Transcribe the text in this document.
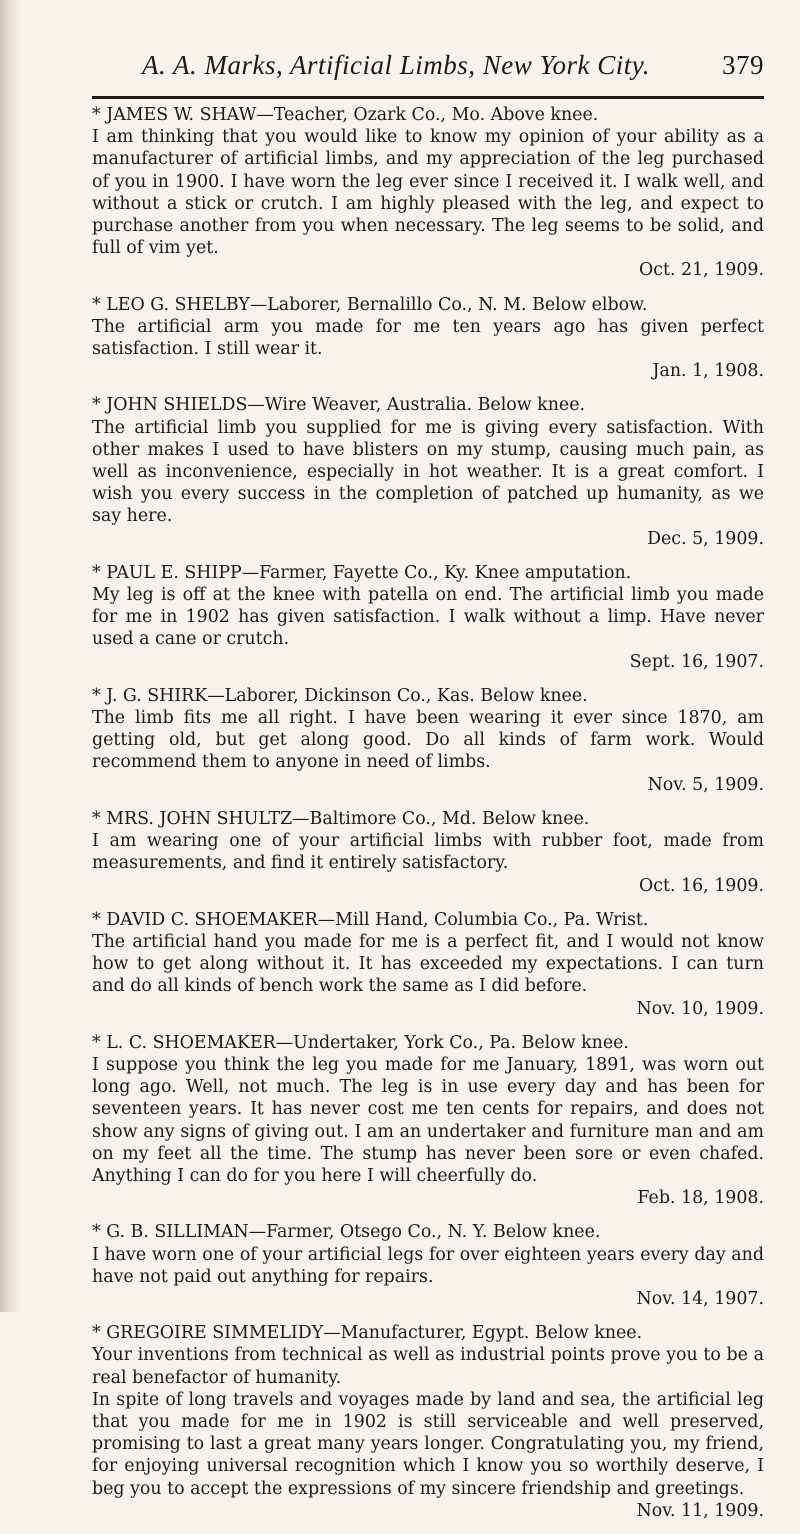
A. A. Marks, Artificial Limbs, New York City.	379

* JAMES W. SHAW—Teacher, Ozark Co., Mo. Above knee.

I am thinking that you would like to know my opinion of your ability as a manufacturer of artificial limbs, and my appreciation of the leg purchased of you in 1900. I have worn the leg ever since I received it. I walk well, and without a stick or crutch. I am highly pleased with the leg, and expect to purchase another from you when necessary. The leg seems to be solid, and full of vim yet.

Oct. 21, 1909.

* LEO G. SHELBY—Laborer, Bernalillo Co., N. M. Below elbow.

The artificial arm you made for me ten years ago has given perfect satisfaction. I still wear it.

Jan. 1, 1908.

* JOHN SHIELDS—Wire Weaver, Australia. Below knee.

The artificial limb you supplied for me is giving every satisfaction. With other makes I used to have blisters on my stump, causing much pain, as well as inconvenience, especially in hot weather. It is a great comfort. I wish you every success in the completion of patched up humanity, as we say here.

Dec. 5, 1909.

* PAUL E. SHIPP—Farmer, Fayette Co., Ky. Knee amputation.

My leg is off at the knee with patella on end. The artificial limb you made for me in 1902 has given satisfaction. I walk without a limp. Have never used a cane or crutch.

Sept. 16, 1907.

* J. G. SHIRK—Laborer, Dickinson Co., Kas. Below knee.

The limb fits me all right. I have been wearing it ever since 1870, am getting old, but get along good. Do all kinds of farm work. Would recommend them to anyone in need of limbs.

Nov. 5, 1909.

* MRS. JOHN SHULTZ—Baltimore Co., Md. Below knee.

I am wearing one of your artificial limbs with rubber foot, made from measurements, and find it entirely satisfactory.

Oct. 16, 1909.

* DAVID C. SHOEMAKER—Mill Hand, Columbia Co., Pa. Wrist.

The artificial hand you made for me is a perfect fit, and I would not know how to get along without it. It has exceeded my expectations. I can turn and do all kinds of bench work the same as I did before.

Nov. 10, 1909.

* L. C. SHOEMAKER—Undertaker, York Co., Pa. Below knee.

I suppose you think the leg you made for me January, 1891, was worn out long ago. Well, not much. The leg is in use every day and has been for seventeen years. It has never cost me ten cents for repairs, and does not show any signs of giving out. I am an undertaker and furniture man and am on my feet all the time. The stump has never been sore or even chafed. Anything I can do for you here I will cheerfully do.

Feb. 18, 1908.

* G. B. SILLIMAN—Farmer, Otsego Co., N. Y. Below knee.

I have worn one of your artificial legs for over eighteen years every day and have not paid out anything for repairs.

Nov. 14, 1907.

* GREGOIRE SIMMELIDY—Manufacturer, Egypt. Below knee.

Your inventions from technical as well as industrial points prove you to be a real benefactor of humanity.

In spite of long travels and voyages made by land and sea, the artificial leg that you made for me in 1902 is still serviceable and well preserved, promising to last a great many years longer. Congratulating you, my friend, for enjoying universal recognition which I know you so worthily deserve, I beg you to accept the expressions of my sincere friendship and greetings.

Nov. 11, 1909.
